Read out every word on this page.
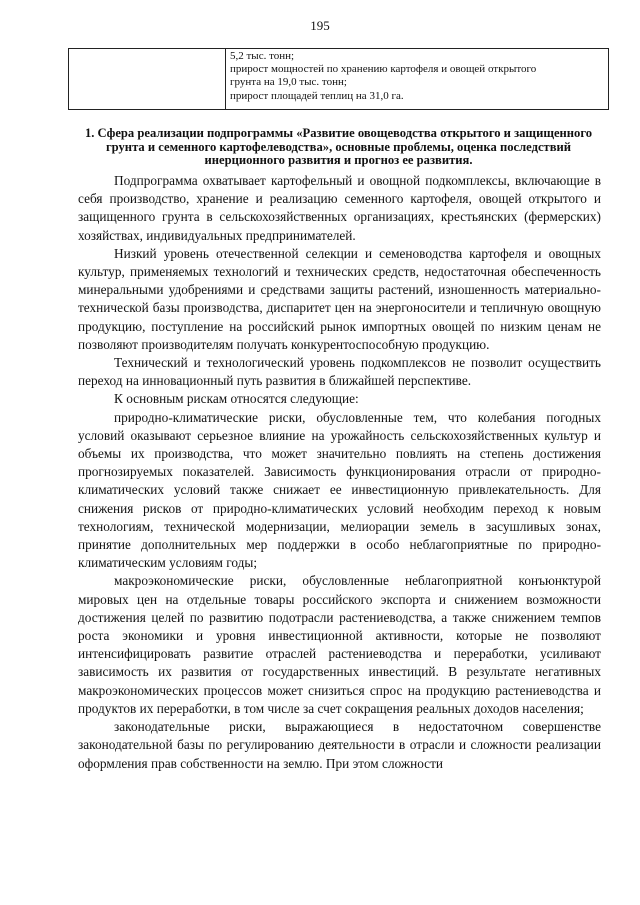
195
5,2 тыс. тонн;
прирост мощностей по хранению картофеля и овощей открытого
грунта на 19,0 тыс. тонн;
прирост площадей теплиц на 31,0 га.
1. Сфера реализации подпрограммы «Развитие овощеводства открытого и защищенного грунта и семенного картофелеводства», основные проблемы, оценка последствий инерционного развития и прогноз ее развития.

Подпрограмма охватывает картофельный и овощной подкомплексы, включающие в себя производство, хранение и реализацию семенного картофеля, овощей открытого и защищенного грунта в сельскохозяйственных организациях, крестьянских (фермерских) хозяйствах, индивидуальных предпринимателей.

Низкий уровень отечественной селекции и семеноводства картофеля и овощных культур, применяемых технологий и технических средств, недостаточная обеспеченность минеральными удобрениями и средствами защиты растений, изношенность материально-технической базы производства, диспаритет цен на энергоносители и тепличную овощную продукцию, поступление на российский рынок импортных овощей по низким ценам не позволяют производителям получать конкурентоспособную продукцию.

Технический и технологический уровень подкомплексов не позволит осуществить переход на инновационный путь развития в ближайшей перспективе.

К основным рискам относятся следующие:

природно-климатические риски, обусловленные тем, что колебания погодных условий оказывают серьезное влияние на урожайность сельскохозяйственных культур и объемы их производства, что может значительно повлиять на степень достижения прогнозируемых показателей. Зависимость функционирования отрасли от природно-климатических условий также снижает ее инвестиционную привлекательность. Для снижения рисков от природно-климатических условий необходим переход к новым технологиям, технической модернизации, мелиорации земель в засушливых зонах, принятие дополнительных мер поддержки в особо неблагоприятные по природно-климатическим условиям годы;

макроэкономические риски, обусловленные неблагоприятной конъюнктурой мировых цен на отдельные товары российского экспорта и снижением возможности достижения целей по развитию подотрасли растениеводства, а также снижением темпов роста экономики и уровня инвестиционной активности, которые не позволяют интенсифицировать развитие отраслей растениеводства и переработки, усиливают зависимость их развития от государственных инвестиций. В результате негативных макроэкономических процессов может снизиться спрос на продукцию растениеводства и продуктов их переработки, в том числе за счет сокращения реальных доходов населения;

законодательные риски, выражающиеся в недостаточном совершенстве законодательной базы по регулированию деятельности в отрасли и сложности реализации оформления прав собственности на землю. При этом сложности
